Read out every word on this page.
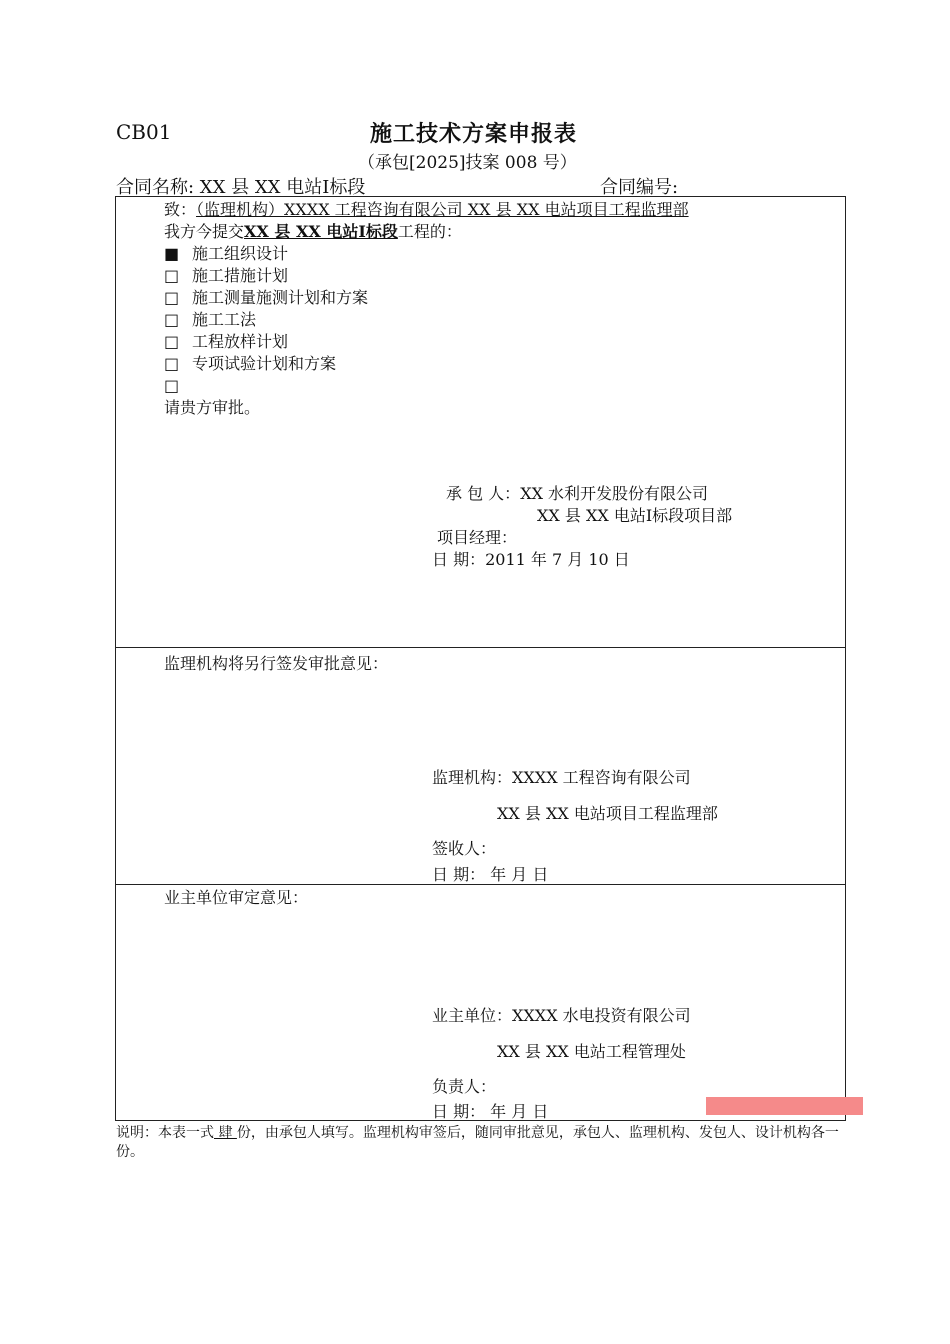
CB01	施工技术方案申报表
（承包[2025]技案 008 号）
合同名称: XX 县 XX 电站Ⅰ标段	合同编号:
致：（监理机构）XXXX 工程咨询有限公司 XX 县 XX 电站项目工程监理部
我方今提交XX 县 XX 电站Ⅰ标段工程的：
■ 施工组织设计
□ 施工措施计划
□ 施工测量施测计划和方案
□ 施工工法
□ 工程放样计划
□ 专项试验计划和方案
□
请贵方审批。
承 包 人：XX 水利开发股份有限公司
XX 县 XX 电站Ⅰ标段项目部
项目经理：
日 期：2011 年 7 月 10 日
监理机构将另行签发审批意见：
监理机构：XXXX 工程咨询有限公司
XX 县 XX 电站项目工程监理部
签收人：
日 期： 年 月 日
业主单位审定意见：
业主单位：XXXX 水电投资有限公司
XX 县 XX 电站工程管理处
负责人：
日 期： 年 月 日
说明：本表一式 肆 份，由承包人填写。监理机构审签后，随同审批意见，承包人、监理机构、发包人、设计机构各一份。
